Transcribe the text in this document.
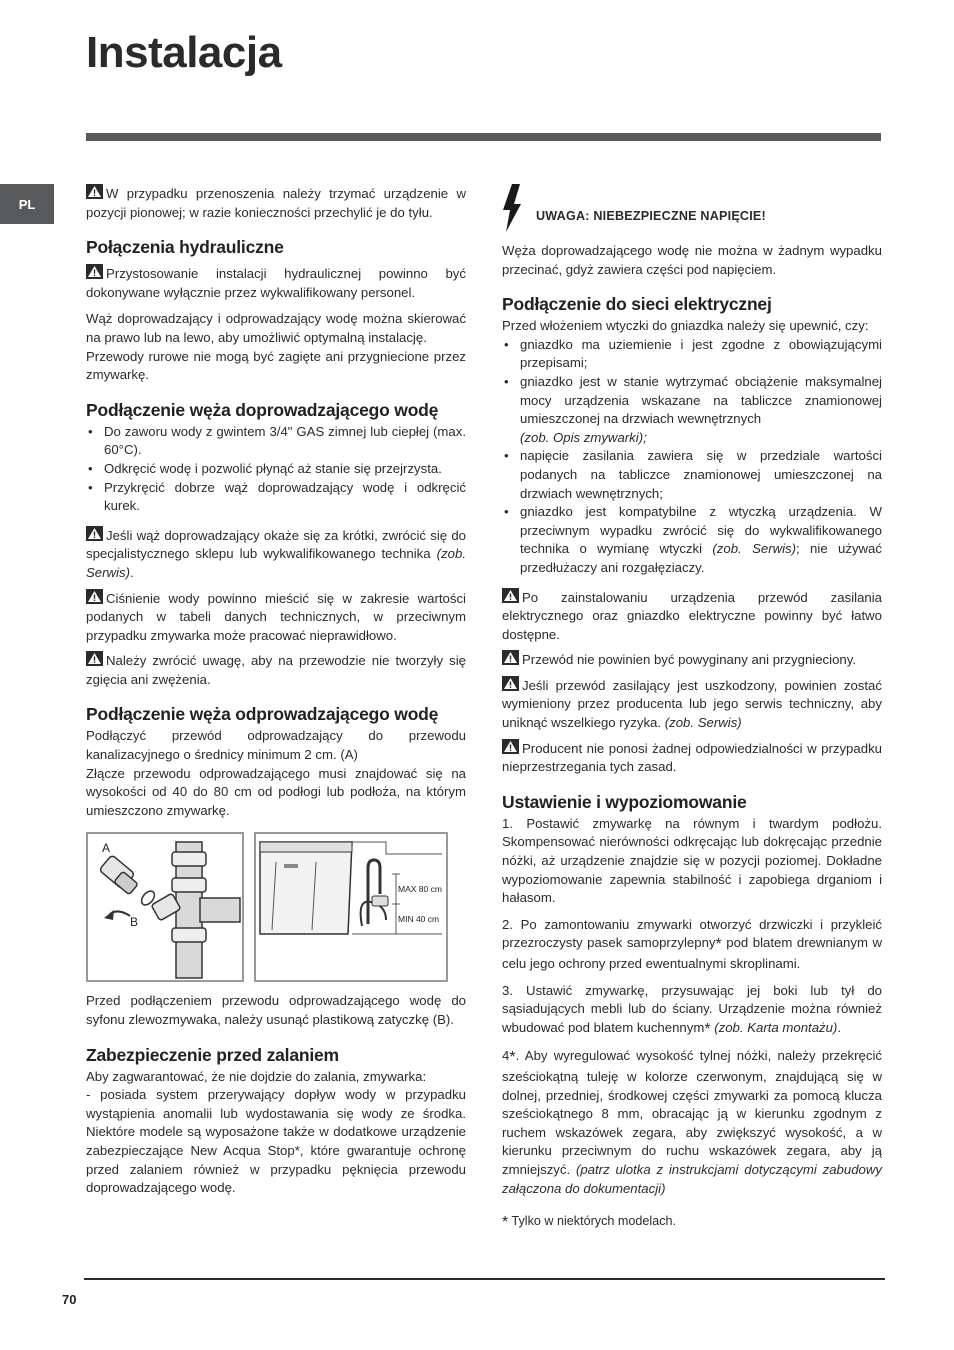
Instalacja
PL

W przypadku przenoszenia należy trzymać urządzenie w pozycji pionowej; w razie konieczności przechylić je do tyłu.

Połączenia hydrauliczne

Przystosowanie instalacji hydraulicznej powinno być dokonywane wyłącznie przez wykwalifikowany personel.

Wąż doprowadzający i odprowadzający wodę można skierować na prawo lub na lewo, aby umożliwić optymalną instalację.

Przewody rurowe nie mogą być zagięte ani przygniecione przez zmywarkę.

Podłączenie węża doprowadzającego wodę
• Do zaworu wody z gwintem 3/4" GAS zimnej lub ciepłej (max. 60°C).
• Odkręcić wodę i pozwolić płynąć aż stanie się przejrzysta.
• Przykręcić dobrze wąż doprowadzający wodę i odkręcić kurek.

Jeśli wąż doprowadzający okaże się za krótki, zwrócić się do specjalistycznego sklepu lub wykwalifikowanego technika (zob. Serwis).

Ciśnienie wody powinno mieścić się w zakresie wartości podanych w tabeli danych technicznych, w przeciwnym przypadku zmywarka może pracować nieprawidłowo.

Należy zwrócić uwagę, aby na przewodzie nie tworzyły się zgięcia ani zwężenia.

Podłączenie węża odprowadzającego wodę

Podłączyć przewód odprowadzający do przewodu kanalizacyjnego o średnicy minimum 2 cm. (A)

Złącze przewodu odprowadzającego musi znajdować się na wysokości od 40 do 80 cm od podłogi lub podłoża, na którym umieszczono zmywarkę.

A
B
MAX 80 cm
MIN 40 cm

Przed podłączeniem przewodu odprowadzającego wodę do syfonu zlewozmywaka, należy usunąć plastikową zatyczkę (B).

Zabezpieczenie przed zalaniem

Aby zagwarantować, że nie dojdzie do zalania, zmywarka:

- posiada system przerywający dopływ wody w przypadku wystąpienia anomalii lub wydostawania się wody ze środka. Niektóre modele są wyposażone także w dodatkowe urządzenie zabezpieczające New Acqua Stop*, które gwarantuje ochronę przed zalaniem również w przypadku pęknięcia przewodu doprowadzającego wodę.

UWAGA: NIEBEZPIECZNE NAPIĘCIE!

Węża doprowadzającego wodę nie można w żadnym wypadku przecinać, gdyż zawiera części pod napięciem.

Podłączenie do sieci elektrycznej

Przed włożeniem wtyczki do gniazdka należy się upewnić, czy:

• gniazdko ma uziemienie i jest zgodne z obowiązującymi przepisami;
• gniazdko jest w stanie wytrzymać obciążenie maksymalnej mocy urządzenia wskazane na tabliczce znamionowej umieszczonej na drzwiach wewnętrznych
(zob. Opis zmywarki);
• napięcie zasilania zawiera się w przedziale wartości podanych na tabliczce znamionowej umieszczonej na drzwiach wewnętrznych;
• gniazdko jest kompatybilne z wtyczką urządzenia. W przeciwnym wypadku zwrócić się do wykwalifikowanego technika o wymianę wtyczki (zob. Serwis); nie używać przedłużaczy ani rozgałęziaczy.

Po zainstalowaniu urządzenia przewód zasilania elektrycznego oraz gniazdko elektryczne powinny być łatwo dostępne.

Przewód nie powinien być powyginany ani przygnieciony.

Jeśli przewód zasilający jest uszkodzony, powinien zostać wymieniony przez producenta lub jego serwis techniczny, aby uniknąć wszelkiego ryzyka. (zob. Serwis)

Producent nie ponosi żadnej odpowiedzialności w przypadku nieprzestrzegania tych zasad.

Ustawienie i wypoziomowanie

1. Postawić zmywarkę na równym i twardym podłożu. Skompensować nierówności odkręcając lub dokręcając przednie nóżki, aż urządzenie znajdzie się w pozycji poziomej. Dokładne wypoziomowanie zapewnia stabilność i zapobiega drganiom i hałasom.

2. Po zamontowaniu zmywarki otworzyć drzwiczki i przykleić przezroczysty pasek samoprzylepny* pod blatem drewnianym w celu jego ochrony przed ewentualnymi skroplinami.

3. Ustawić zmywarkę, przysuwając jej boki lub tył do sąsiadujących mebli lub do ściany. Urządzenie można również wbudować pod blatem kuchennym* (zob. Karta montażu).

4*. Aby wyregulować wysokość tylnej nóżki, należy przekręcić sześciokątną tuleję w kolorze czerwonym, znajdującą się w dolnej, przedniej, środkowej części zmywarki za pomocą klucza sześciokątnego 8 mm, obracając ją w kierunku zgodnym z ruchem wskazówek zegara, aby zwiększyć wysokość, a w kierunku przeciwnym do ruchu wskazówek zegara, aby ją zmniejszyć. (patrz ulotka z instrukcjami dotyczącymi zabudowy załączona do dokumentacji)

* Tylko w niektórych modelach.

70
